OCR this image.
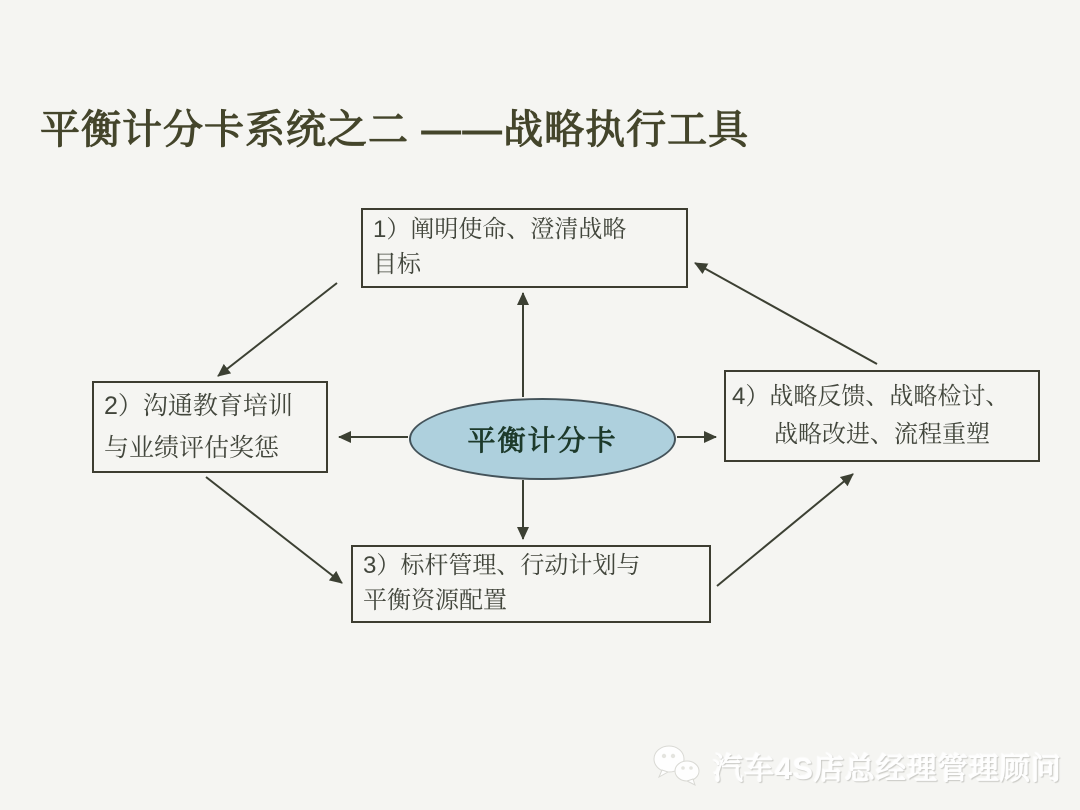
平衡计分卡系统之二 ——战略执行工具
1）阐明使命、澄清战略
目标
2）沟通教育培训
与业绩评估奖惩
3）标杆管理、行动计划与
平衡资源配置
4）战略反馈、战略检讨、
战略改进、流程重塑
平衡计分卡
汽车4S店总经理管理顾问
